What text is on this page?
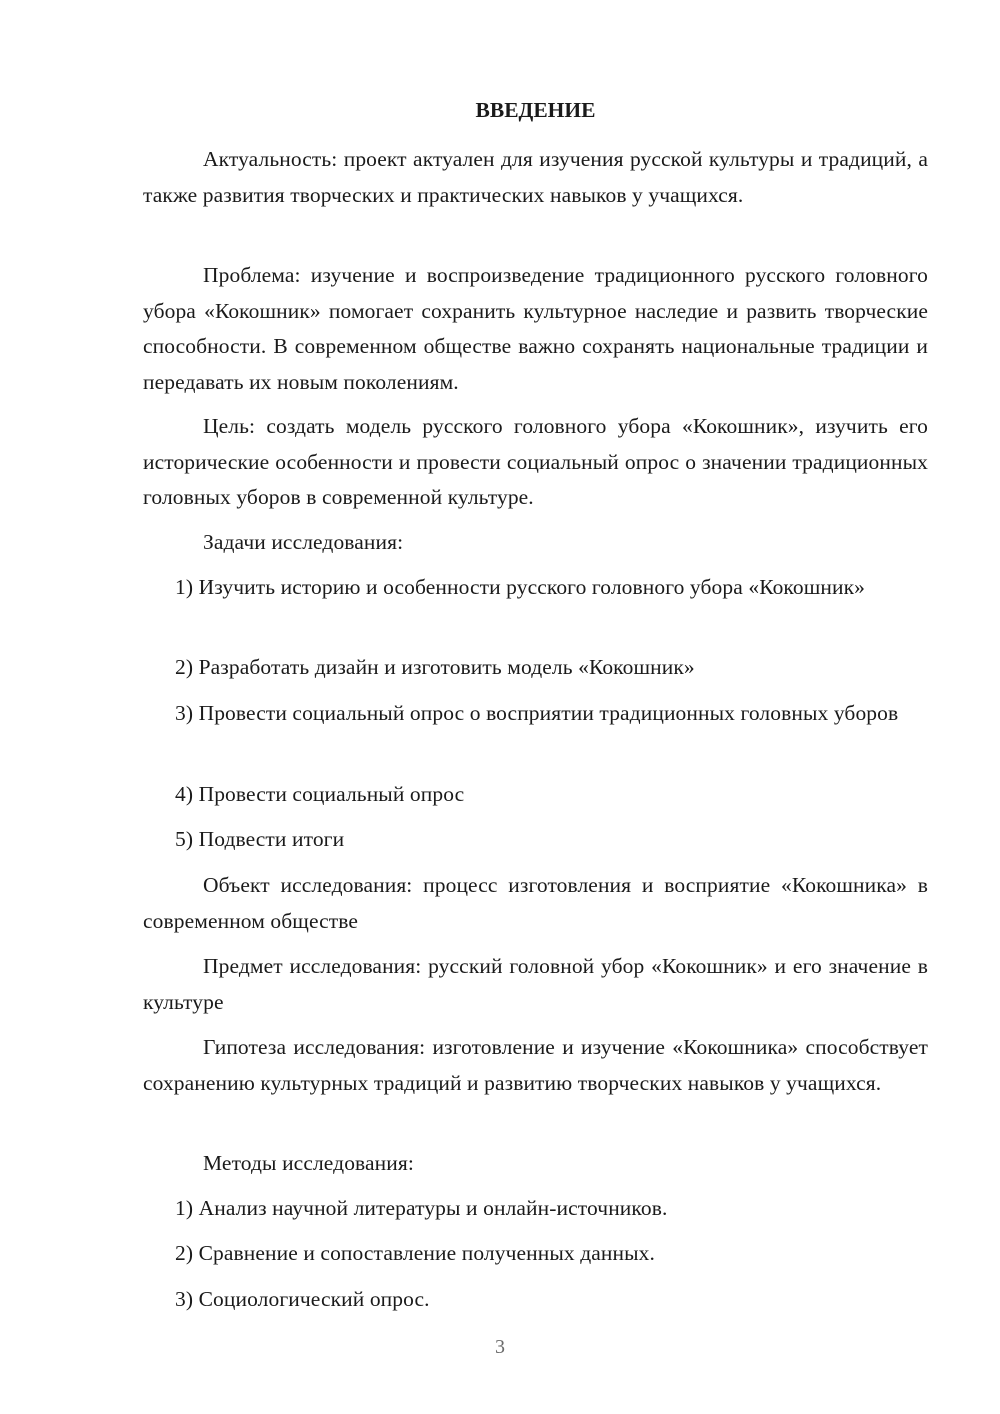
ВВЕДЕНИЕ

Актуальность: проект актуален для изучения русской культуры и традиций, а также развития творческих и практических навыков у учащихся.

Проблема: изучение и воспроизведение традиционного русского головного убора «Кокошник» помогает сохранить культурное наследие и развить творческие способности. В современном обществе важно сохранять национальные традиции и передавать их новым поколениям.

Цель: создать модель русского головного убора «Кокошник», изучить его исторические особенности и провести социальный опрос о значении традиционных головных уборов в современной культуре.

Задачи исследования:

1) Изучить историю и особенности русского головного убора «Кокошник»

2) Разработать дизайн и изготовить модель «Кокошник»

3) Провести социальный опрос о восприятии традиционных головных уборов

4) Провести социальный опрос

5) Подвести итоги

Объект исследования: процесс изготовления и восприятие «Кокошника» в современном обществе

Предмет исследования: русский головной убор «Кокошник» и его значение в культуре

Гипотеза исследования: изготовление и изучение «Кокошника» способствует сохранению культурных традиций и развитию творческих навыков у учащихся.

Методы исследования:

1) Анализ научной литературы и онлайн-источников.

2) Сравнение и сопоставление полученных данных.

3) Социологический опрос.

3
